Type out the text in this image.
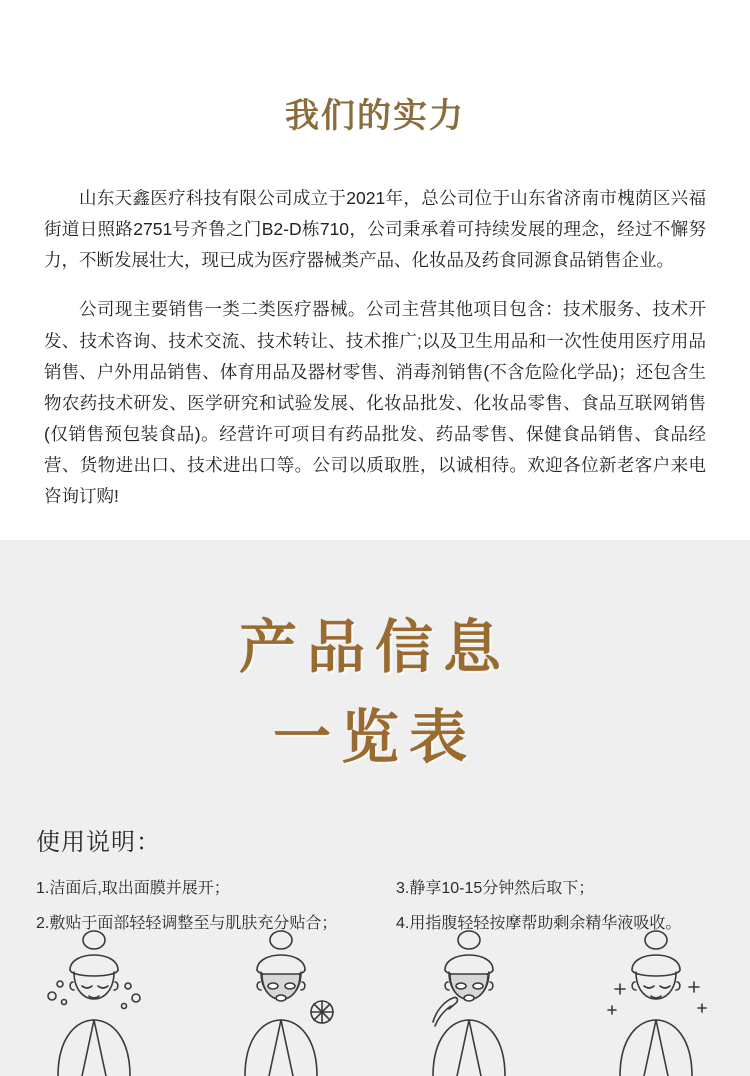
我们的实力

山东天鑫医疗科技有限公司成立于2021年，总公司位于山东省济南市槐荫区兴福街道日照路2751号齐鲁之门B2-D栋710，公司秉承着可持续发展的理念，经过不懈努力，不断发展壮大，现已成为医疗器械类产品、化妆品及药食同源食品销售企业。

公司现主要销售一类二类医疗器械。公司主营其他项目包含：技术服务、技术开发、技术咨询、技术交流、技术转让、技术推广;以及卫生用品和一次性使用医疗用品销售、户外用品销售、体育用品及器材零售、消毒剂销售(不含危险化学品)；还包含生物农药技术研发、医学研究和试验发展、化妆品批发、化妆品零售、食品互联网销售(仅销售预包装食品)。经营许可项目有药品批发、药品零售、保健食品销售、食品经营、货物进出口、技术进出口等。公司以质取胜，以诚相待。欢迎各位新老客户来电咨询订购!

产品信息
一览表
使用说明：
1.洁面后,取出面膜并展开；	3.静享10-15分钟然后取下；
2.敷贴于面部轻轻调整至与肌肤充分贴合；	4.用指腹轻轻按摩帮助剩余精华液吸收。
